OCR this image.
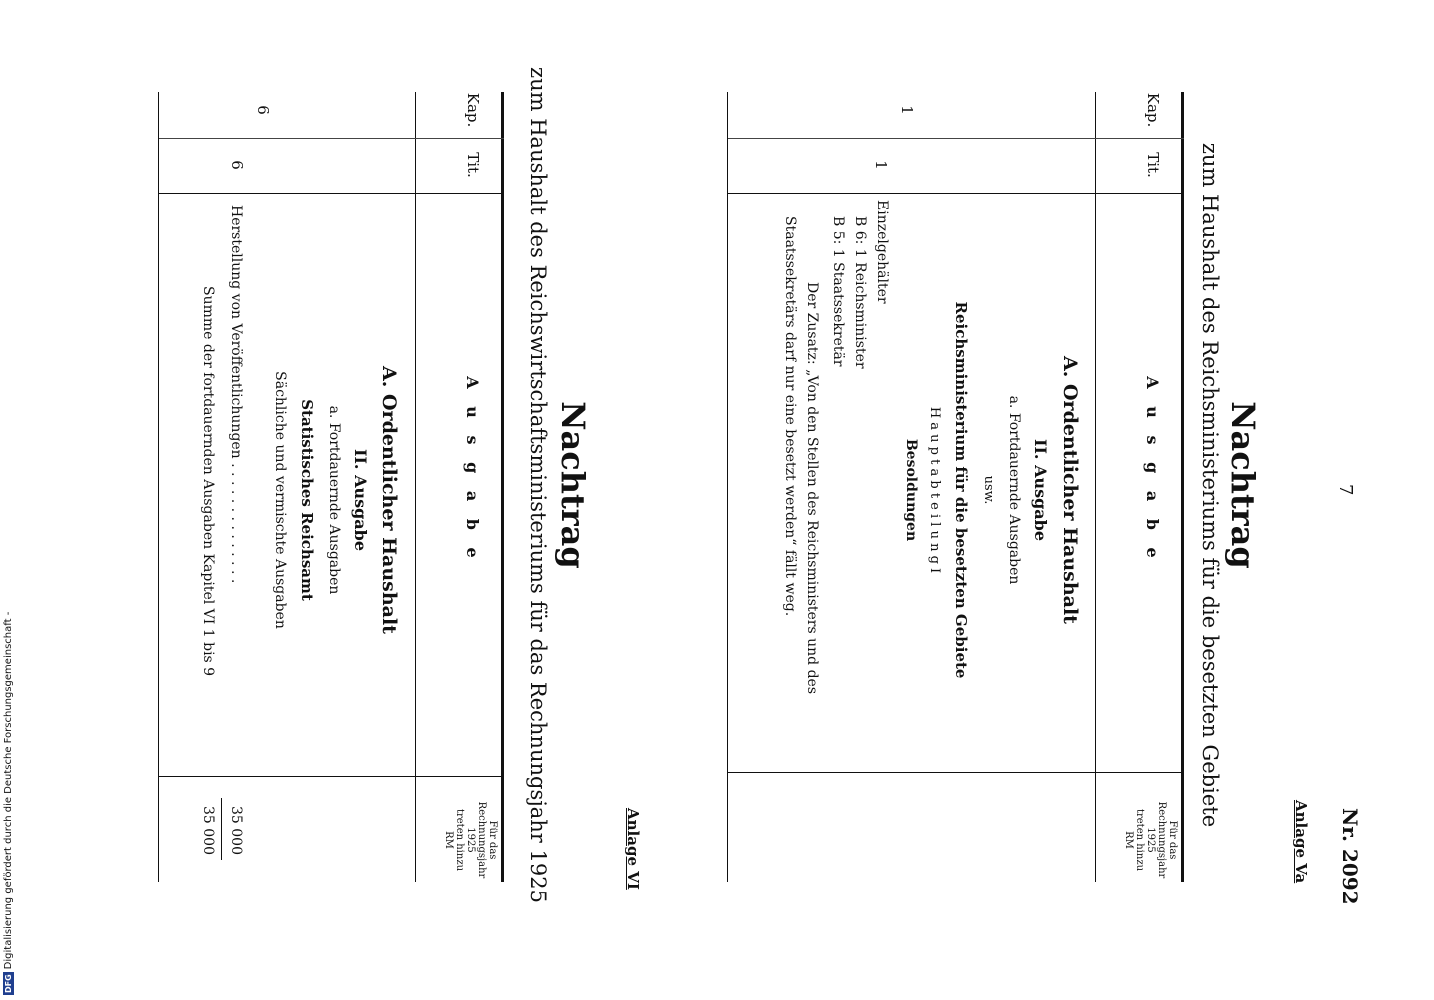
7
Nr. 2092
Anlage Va
Nachtrag
zum Haushalt des Reichsministeriums für die besetzten Gebiete
Kap.
Tit.
A u s g a b e
Für das
Rechnungsjahr
1925
treten hinzu
RM
1
1
A. Ordentlicher Haushalt
II. Ausgabe
a. Fortdauernde Ausgaben
usw.
Reichsministerium für die besetzten Gebiete
H a u p t a b t e i l u n g I
Besoldungen
Einzelgehälter
B 6: 1 Reichsminister
B 5: 1 Staatssekretär
Der Zusatz: „Von den Stellen des Reichsministers und des
Staatssekretärs darf nur eine besetzt werden“ fällt weg.
Anlage VI
Nachtrag
zum Haushalt des Reichswirtschaftsministeriums für das Rechnungsjahr 1925
Kap.
Tit.
A u s g a b e
Für das
Rechnungsjahr
1925
treten hinzu
RM
6
6
A. Ordentlicher Haushalt
II. Ausgabe
a. Fortdauernde Ausgaben
Statistisches Reichsamt
Sächliche und vermischte Ausgaben
Herstellung von Veröffentlichungen . . . . . . . . . . . . . .
35 000
Summe der fortdauernden Ausgaben Kapitel VI 1 bis 9
35 000
DFG
Digitalisierung gefördert durch die Deutsche Forschungsgemeinschaft -
